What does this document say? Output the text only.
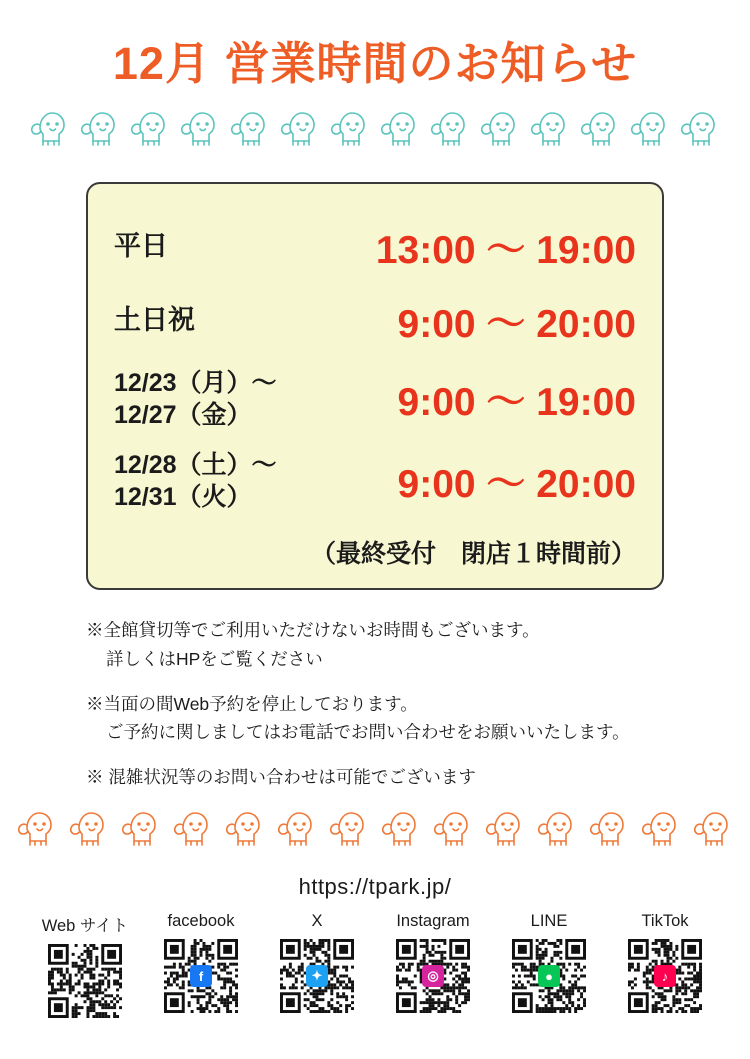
12月 営業時間のお知らせ
平日	13:00 ～ 19:00
土日祝	9:00 ～ 20:00
12/23（月）～
12/27（金）	9:00 ～ 19:00
12/28（土）～
12/31（火）	9:00 ～ 20:00
（最終受付　閉店１時間前）
※全館貸切等でご利用いただけないお時間もございます。
詳しくはHPをご覧ください
※当面の間Web予約を停止しております。
ご予約に関しましてはお電話でお問い合わせをお願いいたします。
※ 混雑状況等のお問い合わせは可能でございます
https://tpark.jp/
Web サイト	facebook
f
X
✦
Instagram
◎
LINE
●
TikTok
♪
